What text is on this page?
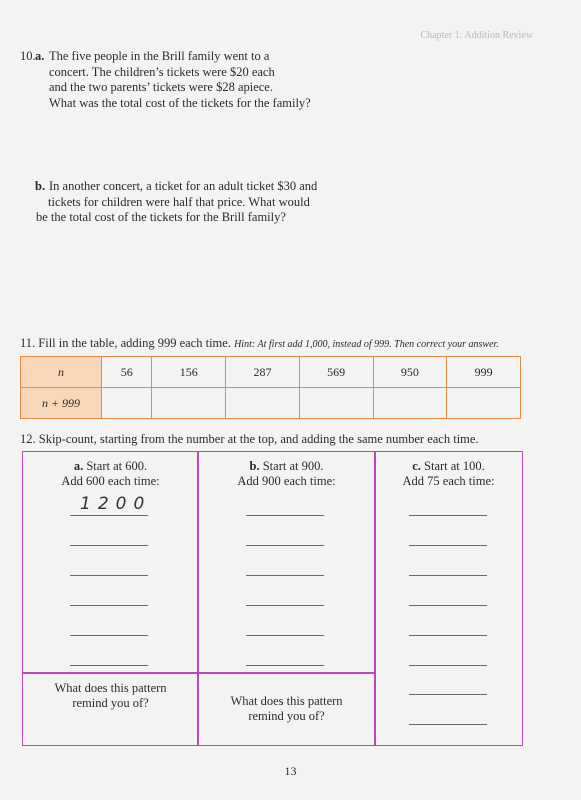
Chapter 1: Addition Review
10. a. The five people in the Brill family went to a
concert. The children’s tickets were $20 each
and the two parents’ tickets were $28 apiece.
What was the total cost of the tickets for the family?
b. In another concert, a ticket for an adult ticket $30 and
tickets for children were half that price. What would
be the total cost of the tickets for the Brill family?
11. Fill in the table, adding 999 each time. Hint: At first add 1,000, instead of 999. Then correct your answer.
n	56	156	287	569	950	999
n + 999						
12. Skip-count, starting from the number at the top, and adding the same number each time.
a. Start at 600.
Add 600 each time:
1200
What does this pattern
remind you of?
b. Start at 900.
Add 900 each time:
What does this pattern
remind you of?
c. Start at 100.
Add 75 each time:
13
